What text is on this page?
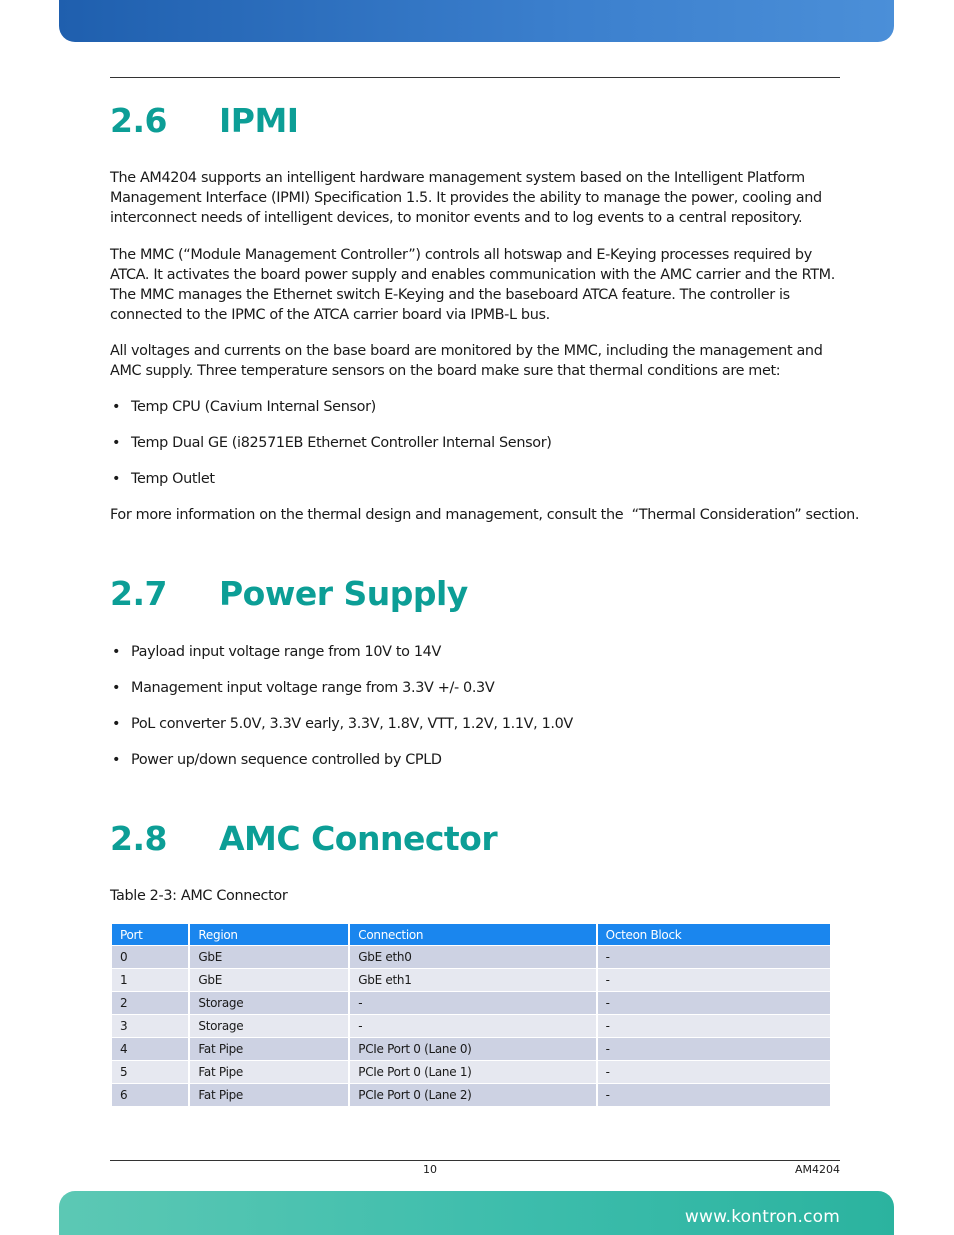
2.6 IPMI

The AM4204 supports an intelligent hardware management system based on the Intelligent Platform Management Interface (IPMI) Specification 1.5. It provides the ability to manage the power, cooling and interconnect needs of intelligent devices, to monitor events and to log events to a central repository.

The MMC (“Module Management Controller”) controls all hotswap and E-Keying processes required by ATCA. It activates the board power supply and enables communication with the AMC carrier and the RTM. The MMC manages the Ethernet switch E-Keying and the baseboard ATCA feature. The controller is connected to the IPMC of the ATCA carrier board via IPMB-L bus.

All voltages and currents on the base board are monitored by the MMC, including the management and AMC supply. Three temperature sensors on the board make sure that thermal conditions are met:

• Temp CPU (Cavium Internal Sensor)
• Temp Dual GE (i82571EB Ethernet Controller Internal Sensor)
• Temp Outlet

For more information on the thermal design and management, consult the  “Thermal Consideration” section.

2.7 Power Supply
• Payload input voltage range from 10V to 14V
• Management input voltage range from 3.3V +/- 0.3V
• PoL converter 5.0V, 3.3V early, 3.3V, 1.8V, VTT, 1.2V, 1.1V, 1.0V
• Power up/down sequence controlled by CPLD
2.8 AMC Connector

Table 2-3: AMC Connector

Port	Region	Connection	Octeon Block
0	GbE	GbE eth0	-
1	GbE	GbE eth1	-
2	Storage	-	-
3	Storage	-	-
4	Fat Pipe	PCIe Port 0 (Lane 0)	-
5	Fat Pipe	PCIe Port 0 (Lane 1)	-
6	Fat Pipe	PCIe Port 0 (Lane 2)	-
10	AM4204
www.kontron.com
